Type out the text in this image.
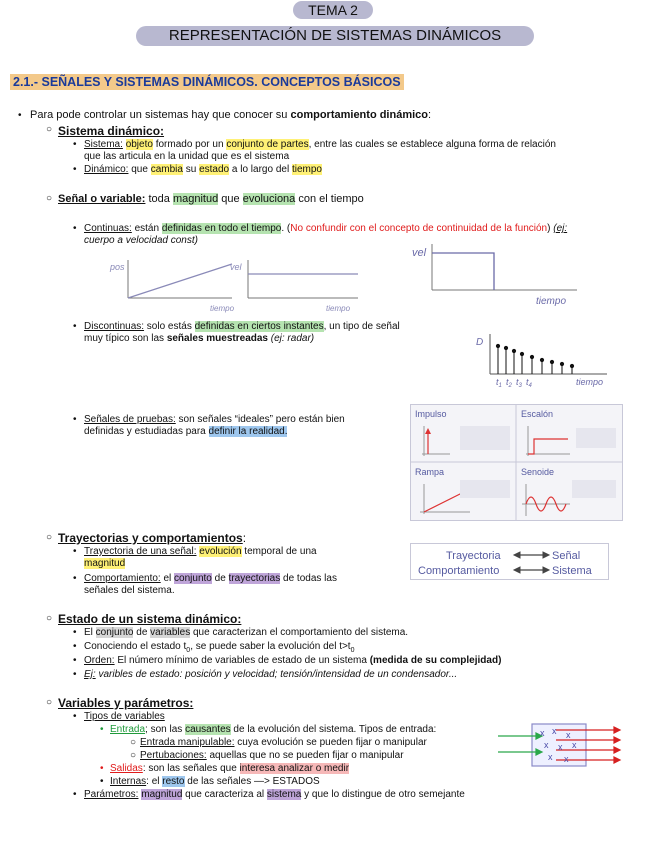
TEMA 2
REPRESENTACIÓN DE SISTEMAS DINÁMICOS
2.1.- SEÑALES Y SISTEMAS DINÁMICOS. CONCEPTOS BÁSICOS
• Para pode controlar un sistemas hay que conocer su comportamiento dinámico:
○ Sistema dinámico:
• Sistema: objeto formado por un conjunto de partes, entre las cuales se establece alguna forma de relación
que las articula en la unidad que es el sistema
• Dinámico: que cambia su estado a lo largo del tiempo
○ Señal o variable: toda magnitud que evoluciona con el tiempo
• Continuas: están definidas en todo el tiempo. (No confundir con el concepto de continuidad de la función) (ej:
cuerpo a velocidad const)
pos
tiempo
vel
tiempo
vel
tiempo
• Discontinuas: solo estás definidas en ciertos instantes, un tipo de señal
muy típico son las señales muestreadas (ej: radar)	D
$t_1$ $t_2$ $t_3$ $t_4$	tiempo
• Señales de pruebas: son señales “ideales” pero están bien
definidas y estudiadas para definir la realidad.
Impulso	Escalón
Rampa	Senoide
○ Trayectorias y comportamientos:
• Trayectoria de una señal: evolución temporal de una
magnitud
• Comportamiento: el conjunto de trayectorias de todas las
señales del sistema.
Trayectoria	Señal
Comportamiento	Sistema
○ Estado de un sistema dinámico:
• El conjunto de variables que caracterizan el comportamiento del sistema.
• Conociendo el estado $t_0$, se puede saber la evolución del $t>t_0$
• Orden: El número mínimo de variables de estado de un sistema (medida de su complejidad)
• Ej: varibles de estado: posición y velocidad; tensión/intensidad de un condensador...
○ Variables y parámetros:
• Tipos de variables
• Entrada; son las causantes de la evolución del sistema. Tipos de entrada:
○ Entrada manipulable: cuya evolución se pueden fijar o manipular
○ Pertubaciones: aquellas que no se pueden fijar o manipular
• Salidas: son las señales que interesa analizar o medir
• Internas: el resto de las señales —> ESTADOS
• Parámetros: magnitud que caracteriza al sistema y que lo distingue de otro semejante
x x x
x x x
x x
